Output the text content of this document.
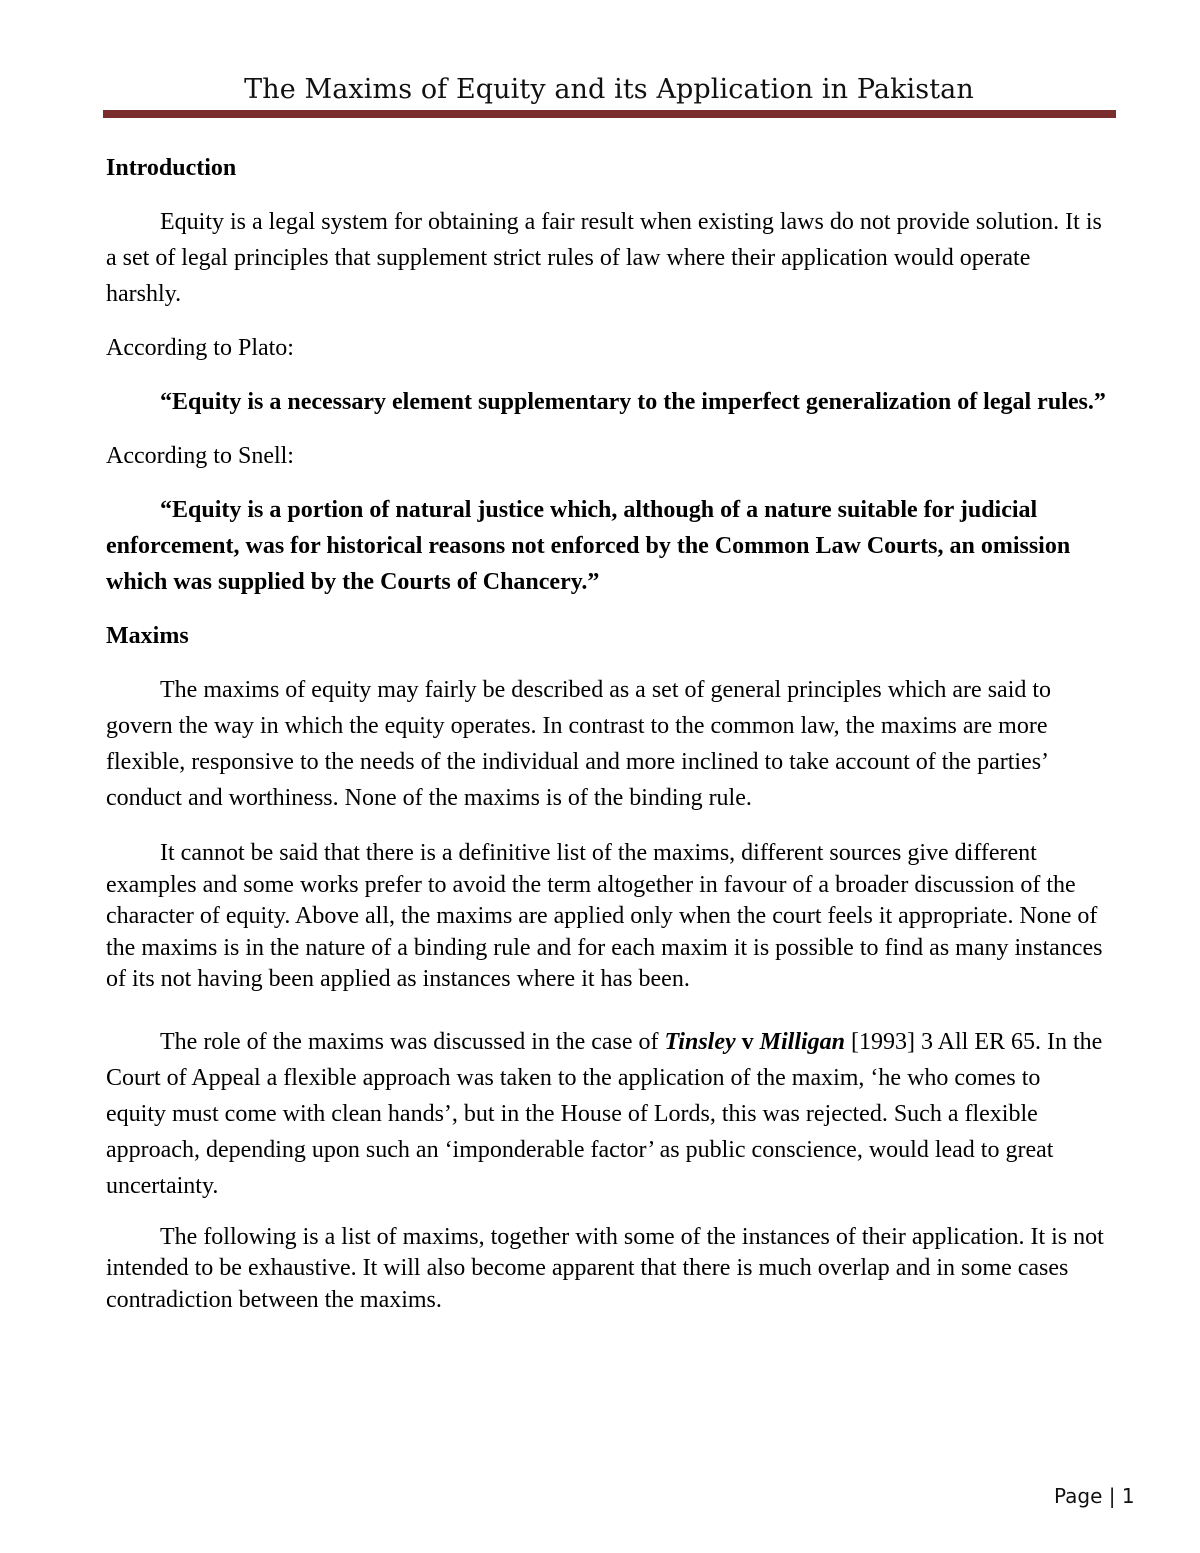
The Maxims of Equity and its Application in Pakistan

Introduction

Equity is a legal system for obtaining a fair result when existing laws do not provide solution. It is a set of legal principles that supplement strict rules of law where their application would operate harshly.

According to Plato:

“Equity is a necessary element supplementary to the imperfect generalization of legal rules.”

According to Snell:

“Equity is a portion of natural justice which, although of a nature suitable for judicial enforcement, was for historical reasons not enforced by the Common Law Courts, an omission which was supplied by the Courts of Chancery.”

Maxims

The maxims of equity may fairly be described as a set of general principles which are said to govern the way in which the equity operates. In contrast to the common law, the maxims are more flexible, responsive to the needs of the individual and more inclined to take account of the parties’ conduct and worthiness. None of the maxims is of the binding rule.

It cannot be said that there is a definitive list of the maxims, different sources give different examples and some works prefer to avoid the term altogether in favour of a broader discussion of the character of equity. Above all, the maxims are applied only when the court feels it appropriate. None of the maxims is in the nature of a binding rule and for each maxim it is possible to find as many instances of its not having been applied as instances where it has been.

The role of the maxims was discussed in the case of Tinsley v Milligan [1993] 3 All ER 65. In the Court of Appeal a flexible approach was taken to the application of the maxim, ‘he who comes to equity must come with clean hands’, but in the House of Lords, this was rejected. Such a flexible approach, depending upon such an ‘imponderable factor’ as public conscience, would lead to great uncertainty.

The following is a list of maxims, together with some of the instances of their application. It is not intended to be exhaustive. It will also become apparent that there is much overlap and in some cases contradiction between the maxims.

Page | 1
